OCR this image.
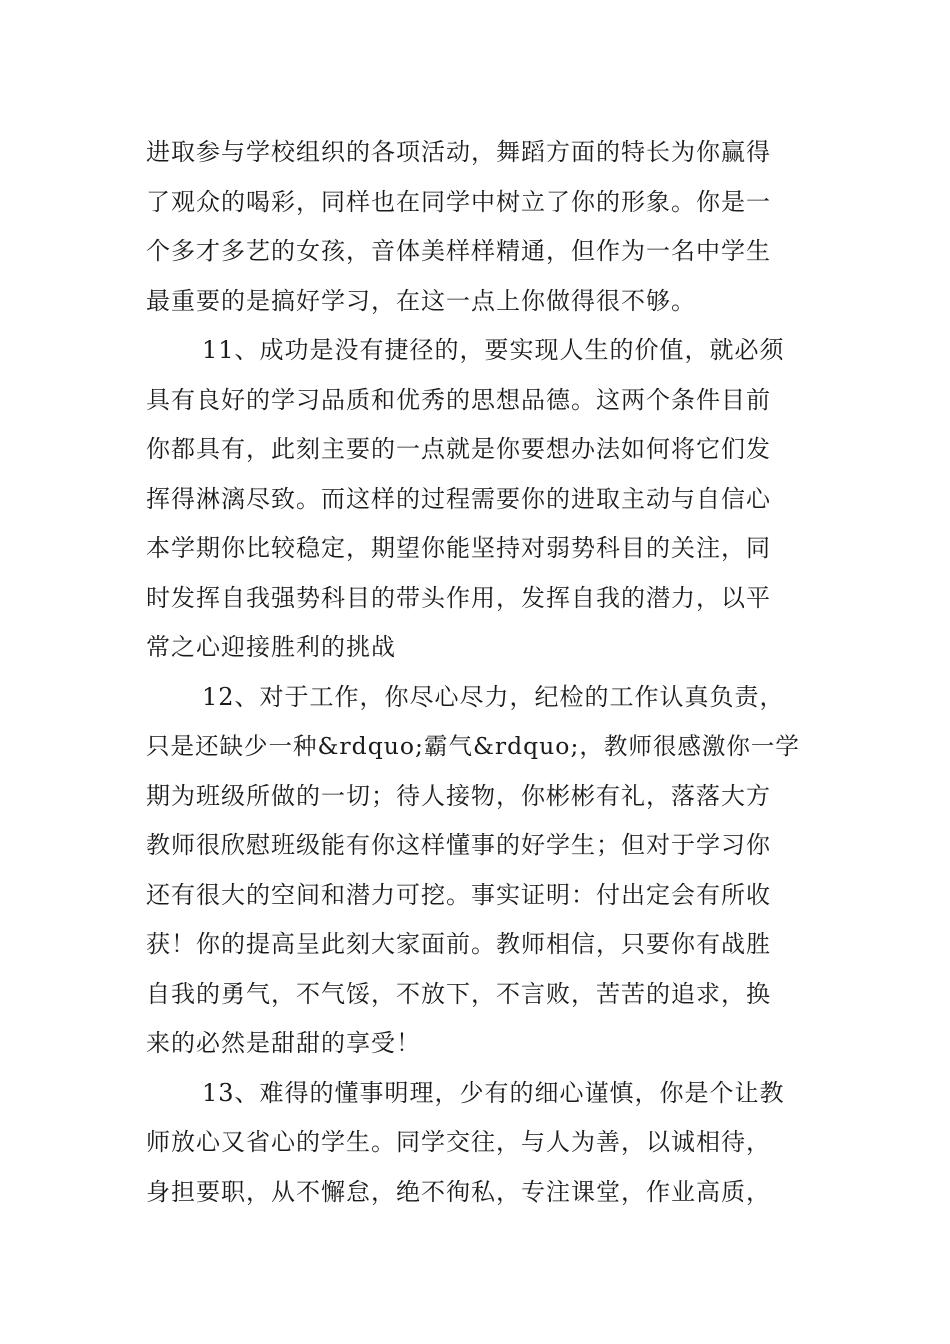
进取参与学校组织的各项活动，舞蹈方面的特长为你赢得
了观众的喝彩，同样也在同学中树立了你的形象。你是一
个多才多艺的女孩，音体美样样精通，但作为一名中学生
最重要的是搞好学习，在这一点上你做得很不够。
11、成功是没有捷径的，要实现人生的价值，就必须
具有良好的学习品质和优秀的思想品德。这两个条件目前
你都具有，此刻主要的一点就是你要想办法如何将它们发
挥得淋漓尽致。而这样的过程需要你的进取主动与自信心
本学期你比较稳定，期望你能坚持对弱势科目的关注，同
时发挥自我强势科目的带头作用，发挥自我的潜力，以平
常之心迎接胜利的挑战
12、对于工作，你尽心尽力，纪检的工作认真负责，
只是还缺少一种&rdquo;霸气&rdquo;，教师很感激你一学
期为班级所做的一切；待人接物，你彬彬有礼，落落大方
教师很欣慰班级能有你这样懂事的好学生；但对于学习你
还有很大的空间和潜力可挖。事实证明：付出定会有所收
获！你的提高呈此刻大家面前。教师相信，只要你有战胜
自我的勇气，不气馁，不放下，不言败，苦苦的追求，换
来的必然是甜甜的享受！
13、难得的懂事明理，少有的细心谨慎，你是个让教
师放心又省心的学生。同学交往，与人为善，以诚相待，
身担要职，从不懈怠，绝不徇私，专注课堂，作业高质，
